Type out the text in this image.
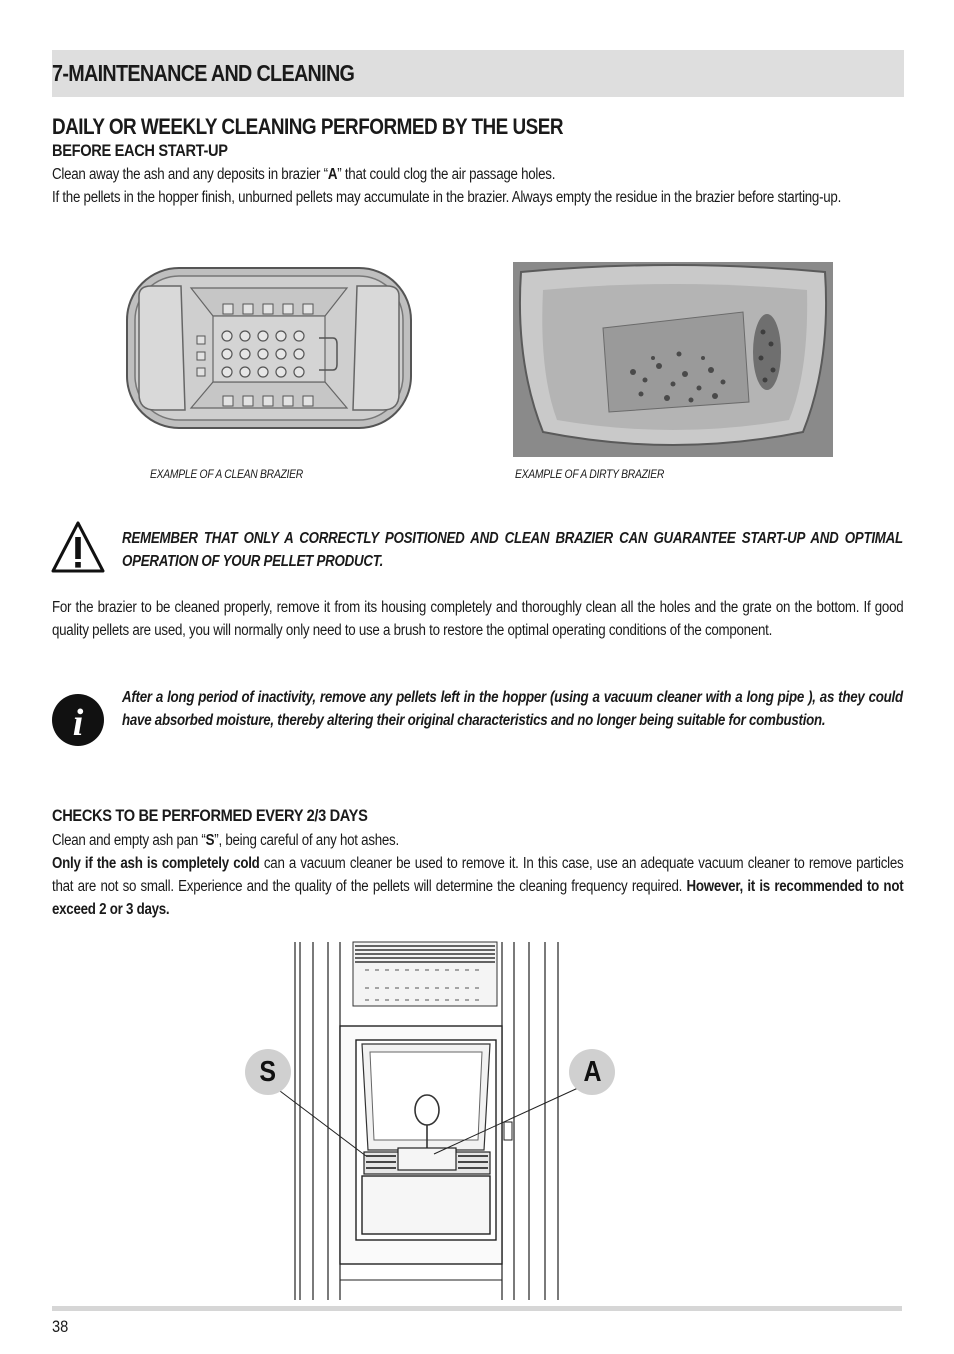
7-MAINTENANCE AND CLEANING
DAILY OR WEEKLY CLEANING PERFORMED BY THE USER
BEFORE EACH START-UP
Clean away the ash and any deposits in brazier “A” that could clog the air passage holes.
If the pellets in the hopper finish, unburned pellets may accumulate in the brazier. Always empty the residue in the brazier before starting-up.
EXAMPLE OF A CLEAN BRAZIER	EXAMPLE OF A DIRTY BRAZIER
REMEMBER THAT ONLY A CORRECTLY POSITIONED AND CLEAN BRAZIER CAN GUARANTEE START-UP AND OPTIMAL OPERATION OF YOUR PELLET PRODUCT.
For the brazier to be cleaned properly, remove it from its housing completely and thoroughly clean all the holes and the grate on the bottom. If good quality pellets are used, you will normally only need to use a brush to restore the optimal operating conditions of the component.
i
After a long period of inactivity, remove any pellets left in the hopper (using a vacuum cleaner with a long pipe ), as they could have absorbed moisture, thereby altering their original characteristics and no longer being suitable for combustion.
CHECKS TO BE PERFORMED EVERY 2/3 DAYS
Clean and empty ash pan “S”, being careful of any hot ashes.
Only if the ash is completely cold can a vacuum cleaner be used to remove it. In this case, use an adequate vacuum cleaner to remove particles that are not so small. Experience and the quality of the pellets will determine the cleaning frequency required. However, it is recommended to not exceed 2 or 3 days.
S	A
38
